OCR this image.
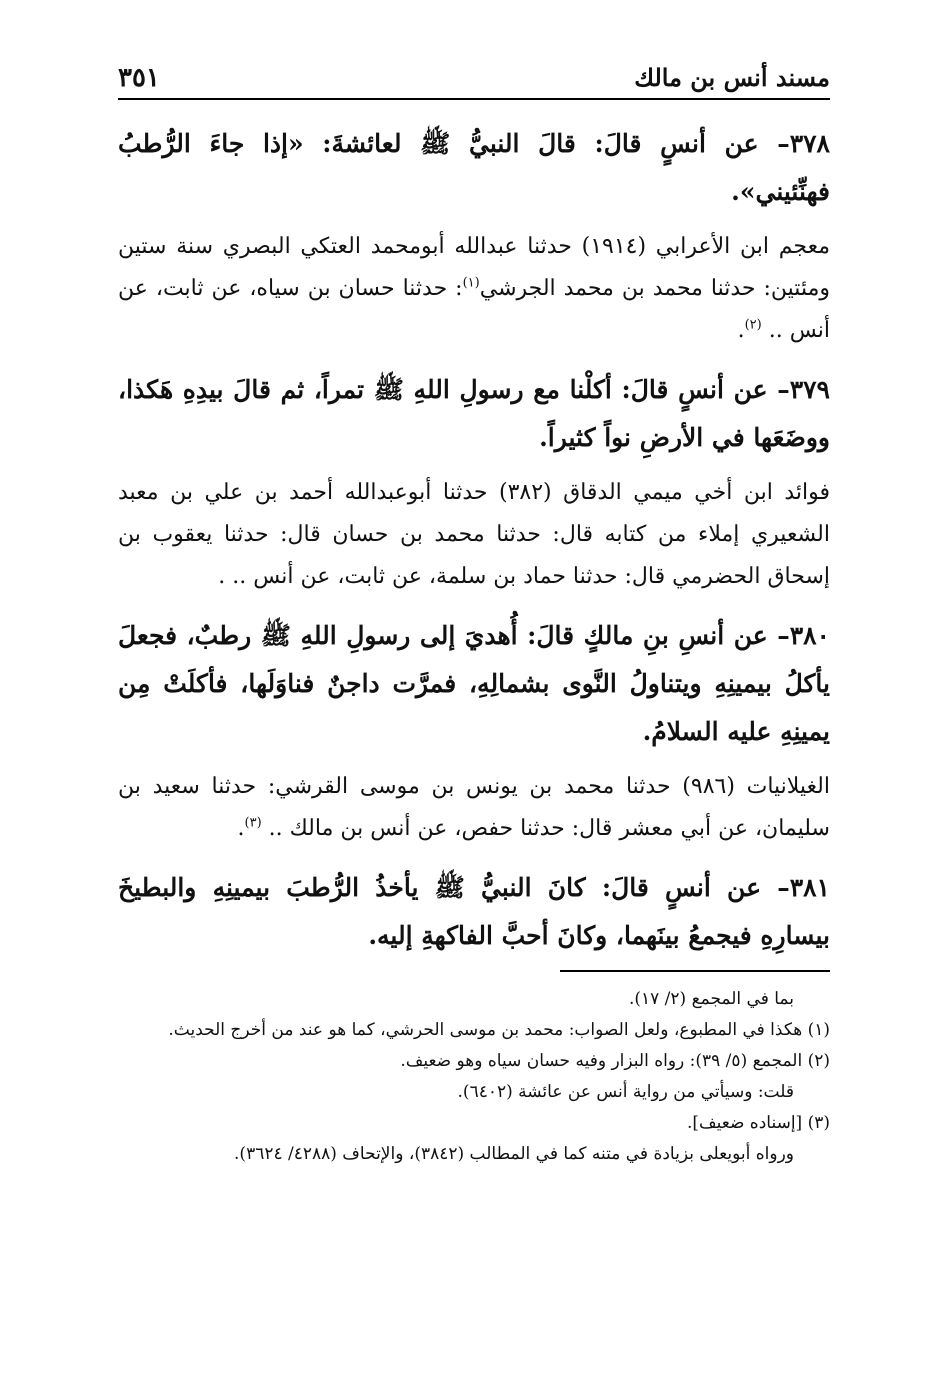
مسند أنس بن مالك
٣٥١

٣٧٨– عن أنسٍ قالَ: قالَ النبيُّ ﷺ لعائشةَ: «إذا جاءَ الرُّطبُ فهنِّئيني».

معجم ابن الأعرابي (١٩١٤) حدثنا عبدالله أبومحمد العتكي البصري سنة ستين ومئتين: حدثنا محمد بن محمد الجرشي$^{(١)}$: حدثنا حسان بن سياه، عن ثابت، عن أنس .. $^{(٢)}$.

٣٧٩– عن أنسٍ قالَ: أكلْنا مع رسولِ اللهِ ﷺ تمراً، ثم قالَ بيدِهِ هَكذا، ووضَعَها في الأرضِ نواً كثيراً.

فوائد ابن أخي ميمي الدقاق (٣٨٢) حدثنا أبوعبدالله أحمد بن علي بن معبد الشعيري إملاء من كتابه قال: حدثنا محمد بن حسان قال: حدثنا يعقوب بن إسحاق الحضرمي قال: حدثنا حماد بن سلمة، عن ثابت، عن أنس .. .

٣٨٠– عن أنسِ بنِ مالكٍ قالَ: أُهديَ إلى رسولِ اللهِ ﷺ رطبٌ، فجعلَ يأكلُ بيمينِهِ ويتناولُ النَّوى بشمالِهِ، فمرَّت داجنٌ فناوَلَها، فأكلَتْ مِن يمينِهِ عليه السلامُ.

الغيلانيات (٩٨٦) حدثنا محمد بن يونس بن موسى القرشي: حدثنا سعيد بن سليمان، عن أبي معشر قال: حدثنا حفص، عن أنس بن مالك .. $^{(٣)}$.

٣٨١– عن أنسٍ قالَ: كانَ النبيُّ ﷺ يأخذُ الرُّطبَ بيمينِهِ والبطيخَ بيسارِهِ فيجمعُ بينَهما، وكانَ أحبَّ الفاكهةِ إليه.

بما في المجمع (٢/ ١٧).

(١) هكذا في المطبوع، ولعل الصواب: محمد بن موسى الحرشي، كما هو عند من أخرج الحديث.

(٢) المجمع (٥/ ٣٩): رواه البزار وفيه حسان سياه وهو ضعيف.

قلت: وسيأتي من رواية أنس عن عائشة (٦٤٠٢).

(٣) [إسناده ضعيف].

ورواه أبويعلى بزيادة في متنه كما في المطالب (٣٨٤٢)، والإتحاف (٤٢٨٨/ ٣٦٢٤).
